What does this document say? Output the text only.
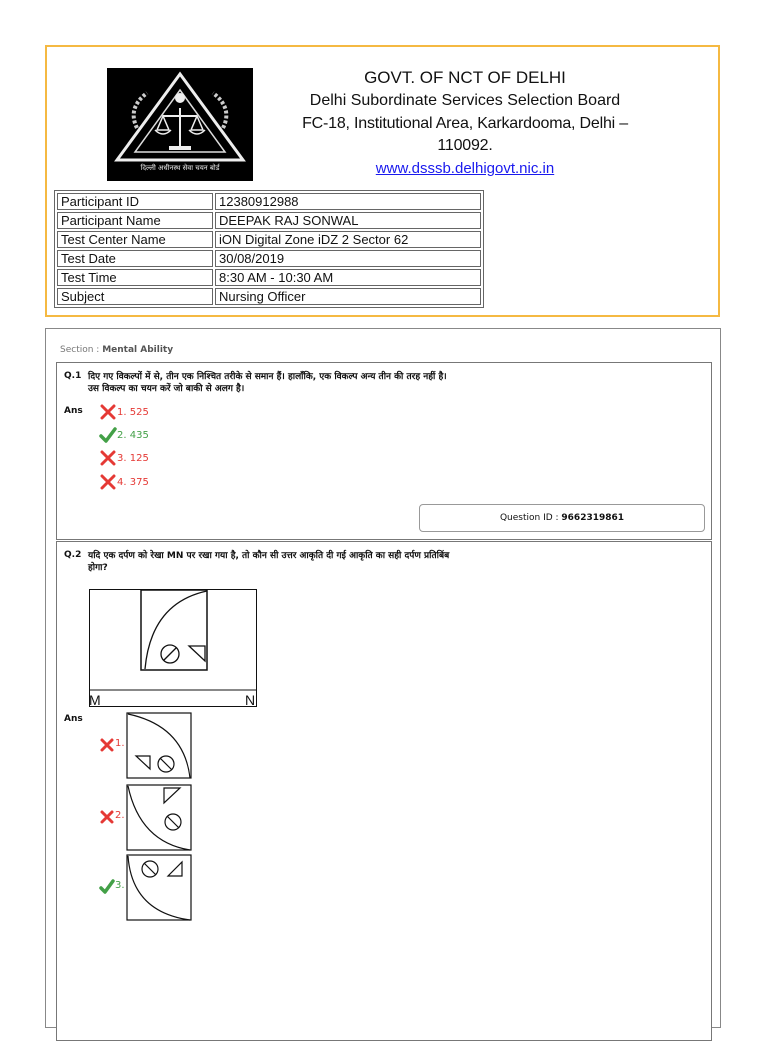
दिल्ली अधीनस्थ सेवा चयन बोर्ड
GOVT. OF NCT OF DELHI
Delhi Subordinate Services Selection Board
FC-18, Institutional Area, Karkardooma, Delhi – 110092.
www.dsssb.delhigovt.nic.in
Participant ID	12380912988
Participant Name	DEEPAK RAJ SONWAL
Test Center Name	iON Digital Zone iDZ 2 Sector 62
Test Date	30/08/2019
Test Time	8:30 AM - 10:30 AM
Subject	Nursing Officer
Section : Mental Ability
Q.1 दिए गए विकल्पों में से, तीन एक निश्चित तरीके से समान हैं। हालाँकि, एक विकल्प अन्य तीन की तरह नहीं है।
उस विकल्प का चयन करें जो बाकी से अलग है।
Ans	1. 525
2. 435
3. 125
4. 375
Question ID : 9662319861
Q.2 यदि एक दर्पण को रेखा MN पर रखा गया है, तो कौन सी उत्तर आकृति दी गई आकृति का सही दर्पण प्रतिबिंब
होगा?
M	N
Ans
1.
2.
3.
